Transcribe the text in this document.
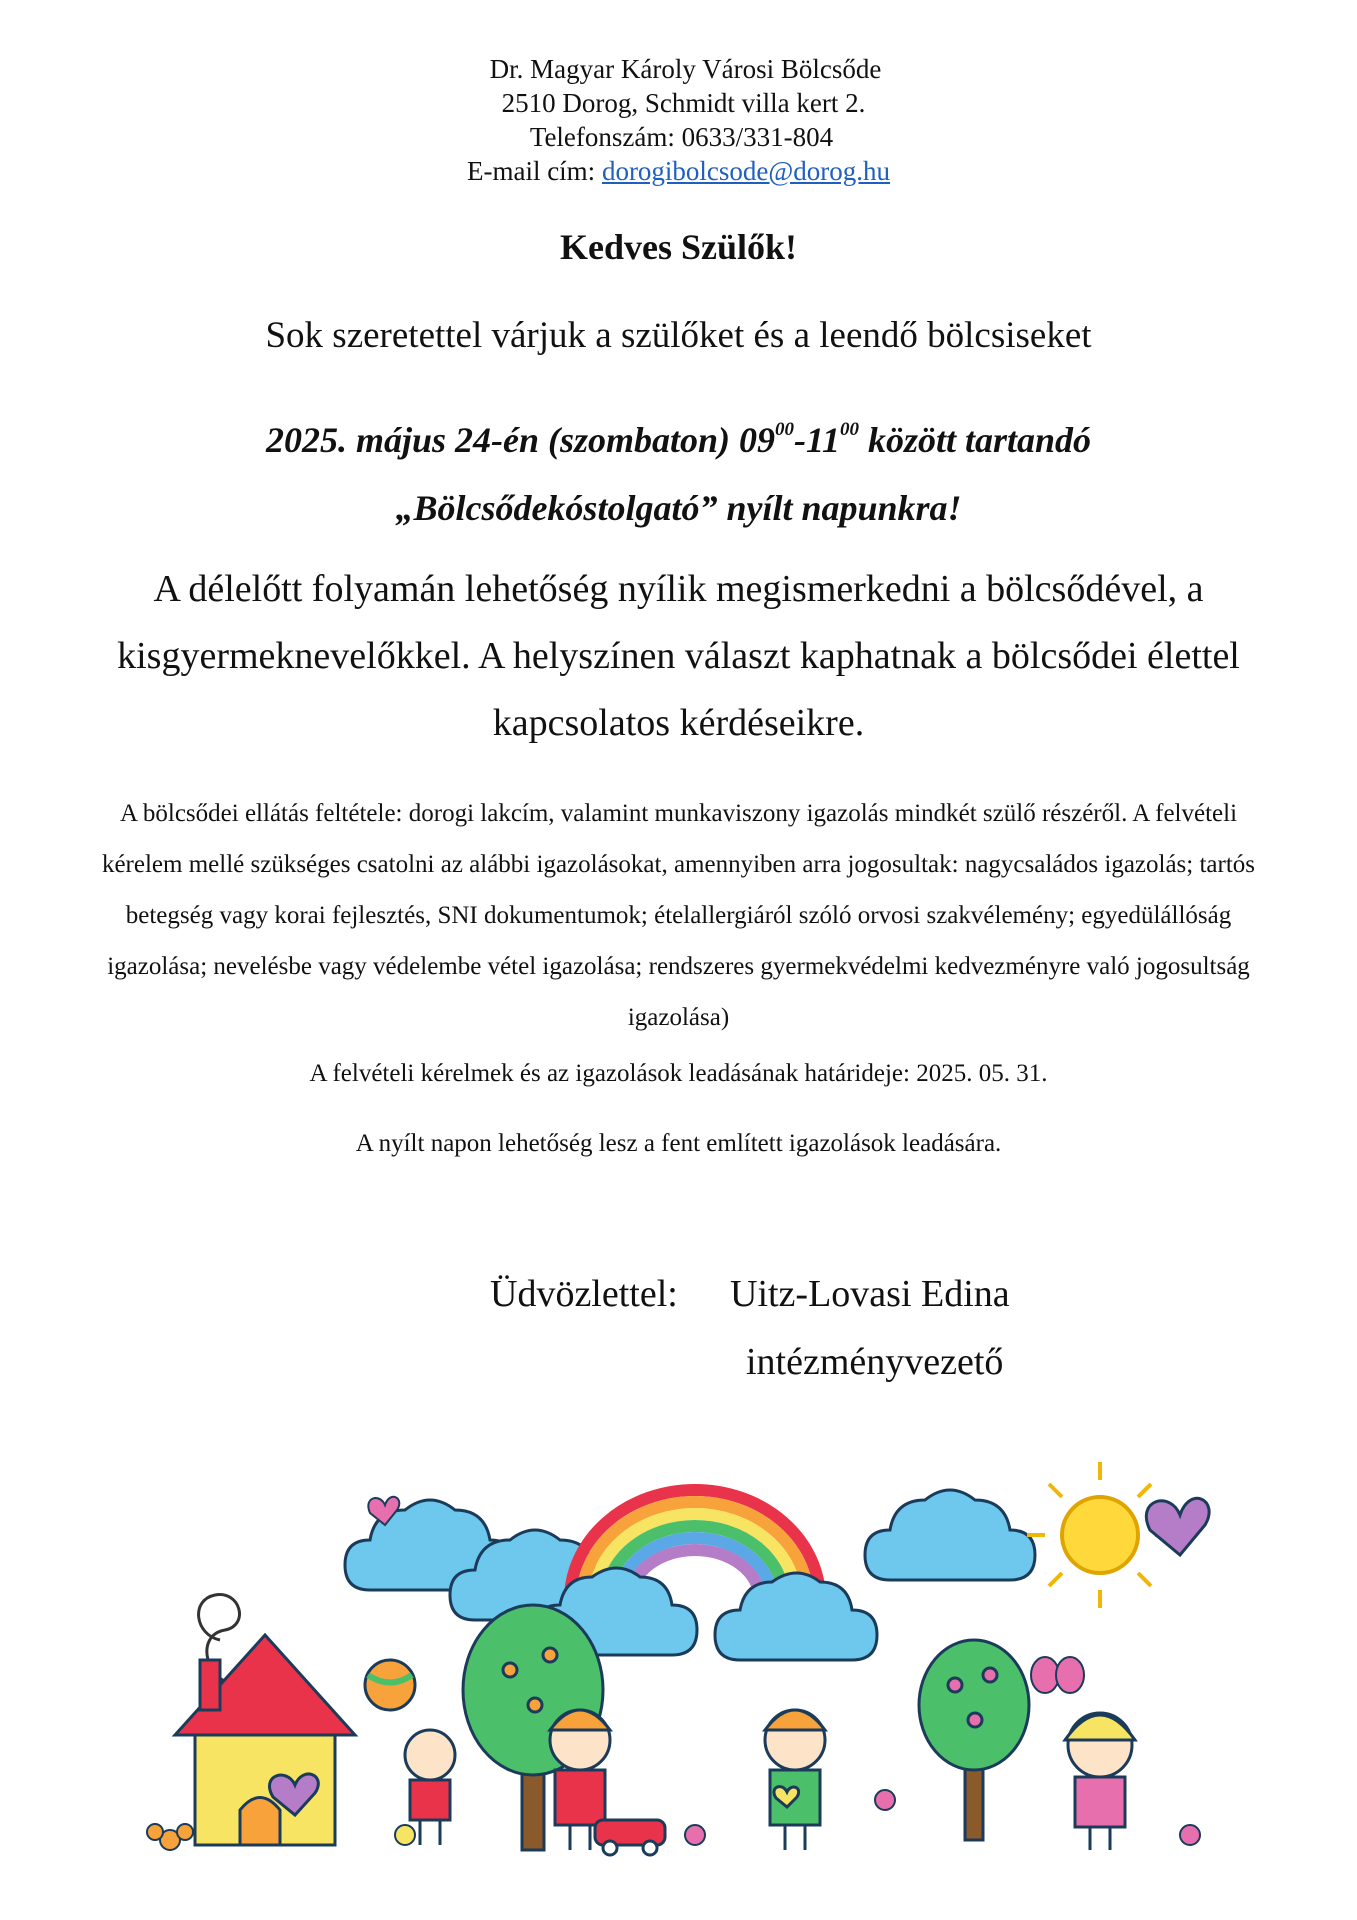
Dr. Magyar Károly Városi Bölcsőde
2510 Dorog, Schmidt villa kert 2.
Telefonszám: 0633/331-804
E-mail cím: dorogibolcsode@dorog.hu
Kedves Szülők!
Sok szeretettel várjuk a szülőket és a leendő bölcsiseket
2025. május 24-én (szombaton) $09^{00}-11^{00}$ között tartandó
„Bölcsődekóstolgató” nyílt napunkra!
A délelőtt folyamán lehetőség nyílik megismerkedni a bölcsődével, a kisgyermeknevelőkkel. A helyszínen választ kaphatnak a bölcsődei élettel kapcsolatos kérdéseikre.
A bölcsődei ellátás feltétele: dorogi lakcím, valamint munkaviszony igazolás mindkét szülő részéről. A felvételi kérelem mellé szükséges csatolni az alábbi igazolásokat, amennyiben arra jogosultak: nagycsaládos igazolás; tartós betegség vagy korai fejlesztés, SNI dokumentumok; ételallergiáról szóló orvosi szakvélemény; egyedülállóság igazolása; nevelésbe vagy védelembe vétel igazolása; rendszeres gyermekvédelmi kedvezményre való jogosultság igazolása)
A felvételi kérelmek és az igazolások leadásának határideje: 2025. 05. 31.
A nyílt napon lehetőség lesz a fent említett igazolások leadására.
Üdvözlettel: Uitz-Lovasi Edina
intézményvezető
